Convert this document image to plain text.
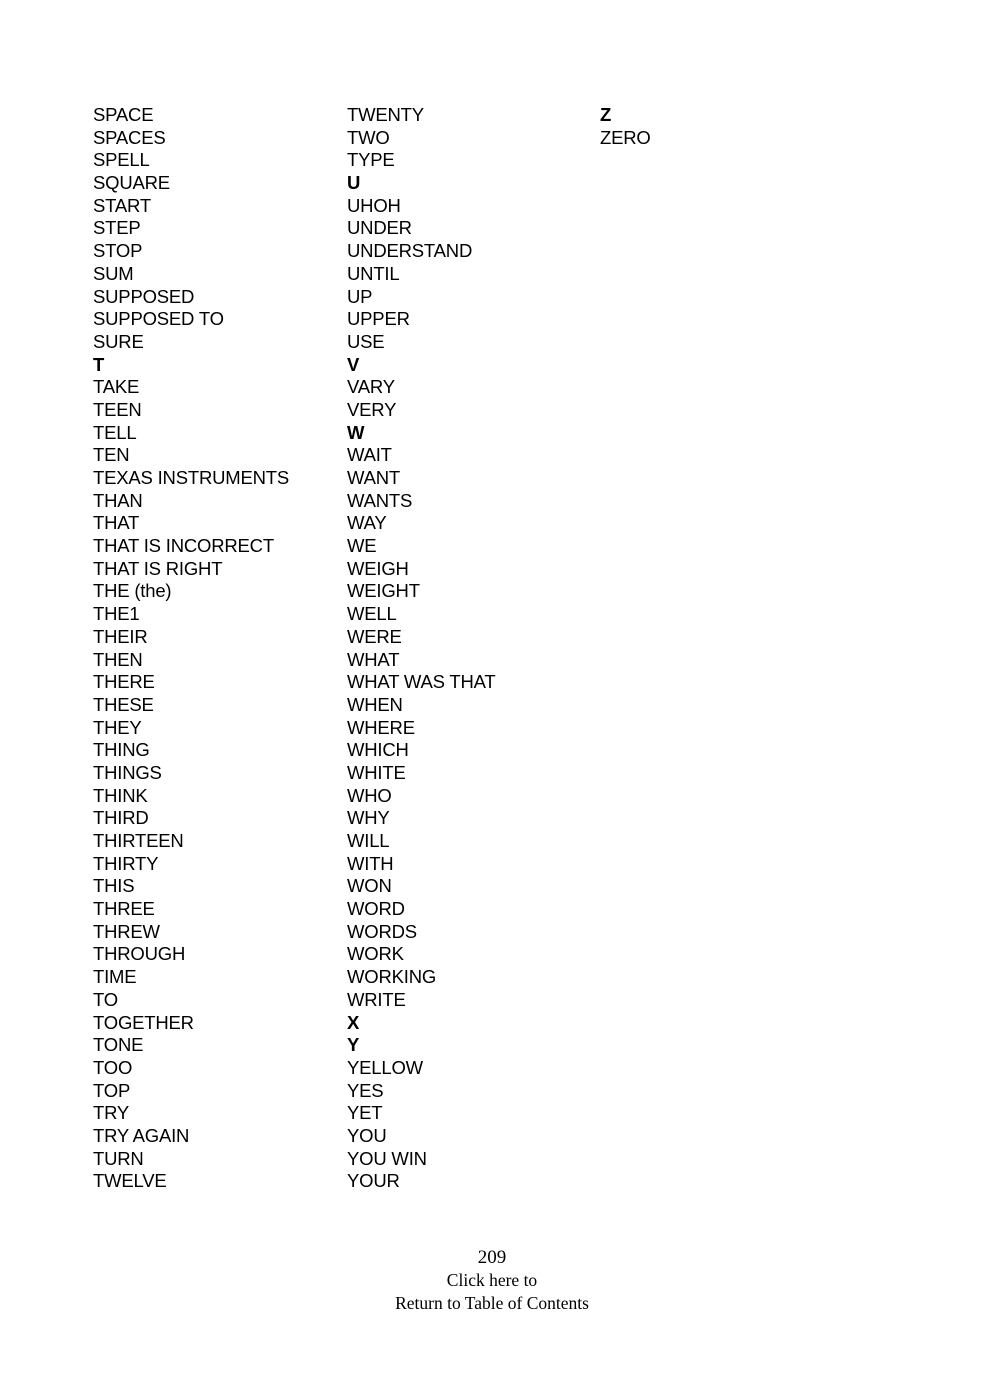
SPACE
SPACES
SPELL
SQUARE
START
STEP
STOP
SUM
SUPPOSED
SUPPOSED TO
SURE
T
TAKE
TEEN
TELL
TEN
TEXAS INSTRUMENTS
THAN
THAT
THAT IS INCORRECT
THAT IS RIGHT
THE (the)
THE1
THEIR
THEN
THERE
THESE
THEY
THING
THINGS
THINK
THIRD
THIRTEEN
THIRTY
THIS
THREE
THREW
THROUGH
TIME
TO
TOGETHER
TONE
TOO
TOP
TRY
TRY AGAIN
TURN
TWELVE
TWENTY
TWO
TYPE
U
UHOH
UNDER
UNDERSTAND
UNTIL
UP
UPPER
USE
V
VARY
VERY
W
WAIT
WANT
WANTS
WAY
WE
WEIGH
WEIGHT
WELL
WERE
WHAT
WHAT WAS THAT
WHEN
WHERE
WHICH
WHITE
WHO
WHY
WILL
WITH
WON
WORD
WORDS
WORK
WORKING
WRITE
X
Y
YELLOW
YES
YET
YOU
YOU WIN
YOUR
Z
ZERO
209
Click here to
Return to Table of Contents
